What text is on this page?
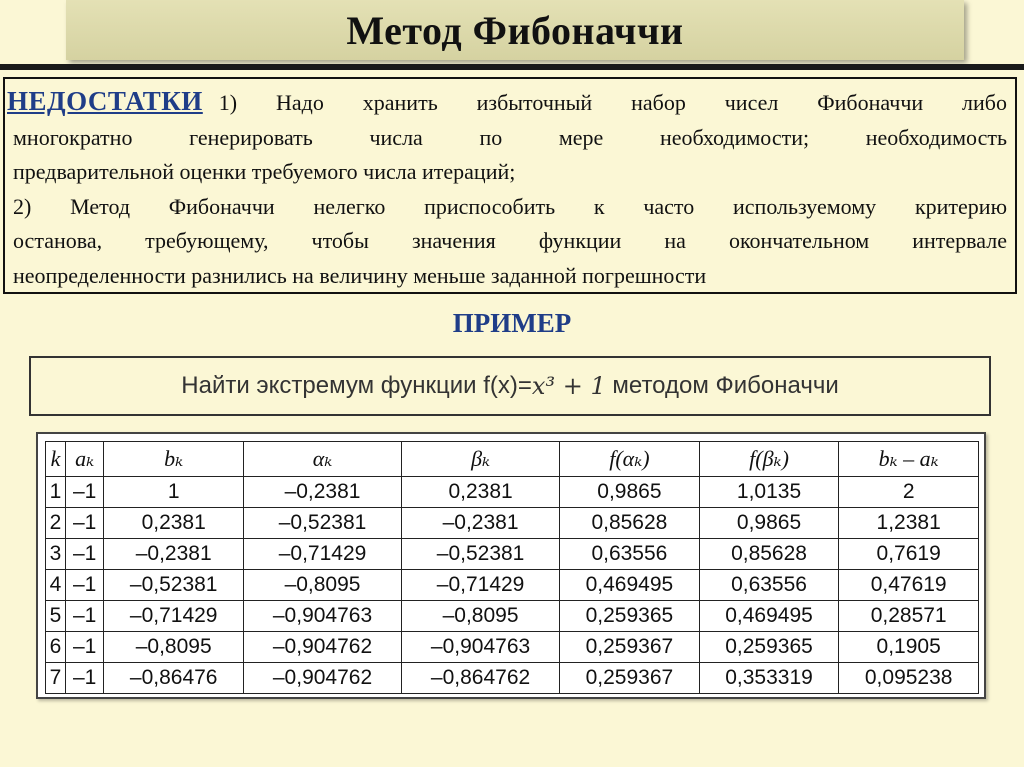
Метод Фибоначчи

НЕДОСТАТКИ 1) Надо хранить избыточный набор чисел Фибоначчи либо

многократно генерировать числа по мере необходимости; необходимость

предварительной оценки требуемого числа итераций;

2) Метод Фибоначчи нелегко приспособить к часто используемому критерию

останова, требующему, чтобы значения функции на окончательном интервале

неопределенности разнились на величину меньше заданной погрешности

ПРИМЕР
Найти экстремум функции f(x)= x³ + 1 методом Фибоначчи
k	aₖ	bₖ	αₖ	βₖ	f(αₖ)	f(βₖ)	bₖ – aₖ
1	–1	1	–0,2381	0,2381	0,9865	1,0135	2
2	–1	0,2381	–0,52381	–0,2381	0,85628	0,9865	1,2381
3	–1	–0,2381	–0,71429	–0,52381	0,63556	0,85628	0,7619
4	–1	–0,52381	–0,8095	–0,71429	0,469495	0,63556	0,47619
5	–1	–0,71429	–0,904763	–0,8095	0,259365	0,469495	0,28571
6	–1	–0,8095	–0,904762	–0,904763	0,259367	0,259365	0,1905
7	–1	–0,86476	–0,904762	–0,864762	0,259367	0,353319	0,095238
